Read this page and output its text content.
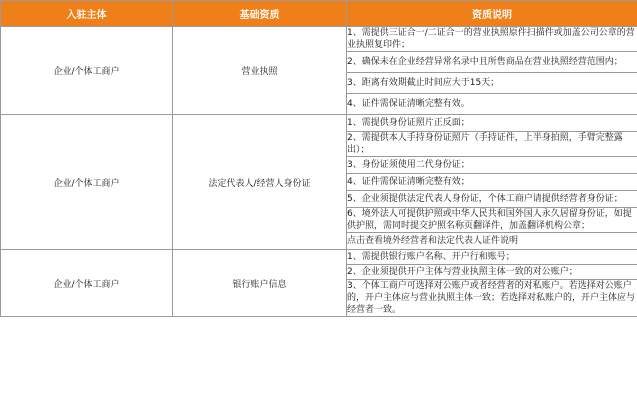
入驻主体	基础资质	资质说明
企业/个体工商户	营业执照	1、需提供三证合一/二证合一的营业执照原件扫描件或加盖公司公章的营业执照复印件；
		2、确保未在企业经营异常名录中且所售商品在营业执照经营范围内；
		3、距离有效期截止时间应大于15天；
		4、证件需保证清晰完整有效。
企业/个体工商户	法定代表人/经营人身份证	1、需提供身份证照片正反面；
		2、需提供本人手持身份证照片（手持证件，上半身拍照，手臂完整露出）；
		3、身份证须使用二代身份证；
		4、证件需保证清晰完整有效；
		5、企业须提供法定代表人身份证，个体工商户请提供经营者身份证；
		6、境外法人可提供护照或中华人民共和国外国人永久居留身份证，如提供护照，需同时提交护照名称页翻译件，加盖翻译机构公章；
		点击查看境外经营者和法定代表人证件说明
企业/个体工商户	银行账户信息	1、需提供银行账户名称、开户行和账号；
		2、企业须提供开户主体与营业执照主体一致的对公账户；
		3、个体工商户可选择对公账户或者经营者的对私账户。若选择对公账户的，开户主体应与营业执照主体一致；若选择对私账户的，开户主体应与经营者一致。
